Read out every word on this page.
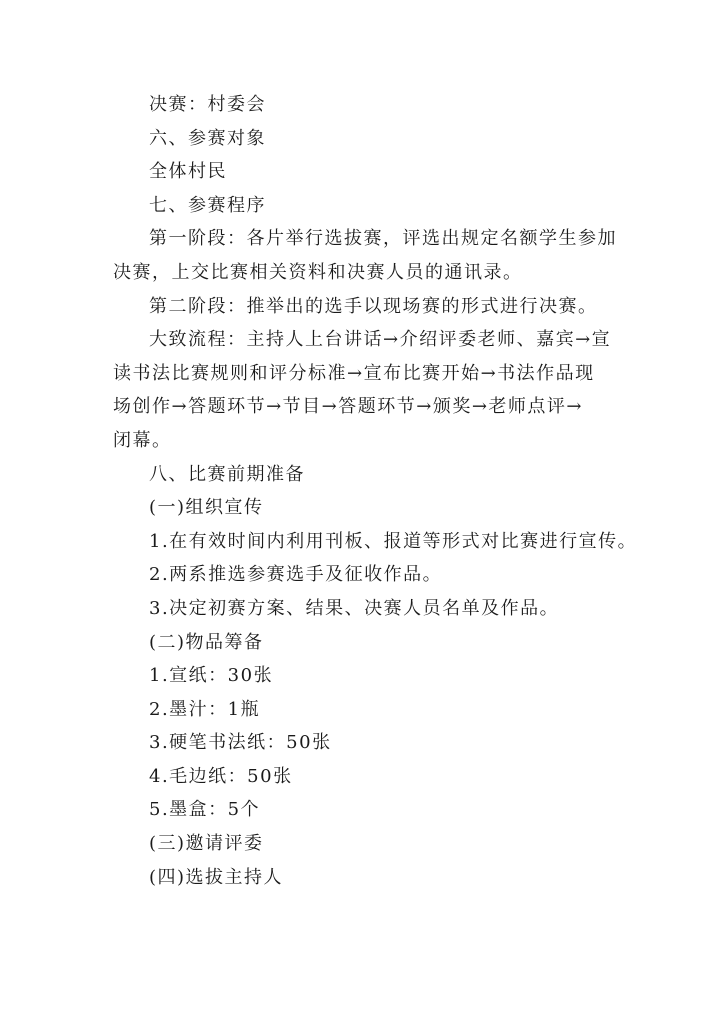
决赛：村委会
六、参赛对象
全体村民
七、参赛程序
第一阶段：各片举行选拔赛，评选出规定名额学生参加
决赛，上交比赛相关资料和决赛人员的通讯录。
第二阶段：推举出的选手以现场赛的形式进行决赛。
大致流程：主持人上台讲话→介绍评委老师、嘉宾→宣
读书法比赛规则和评分标准→宣布比赛开始→书法作品现
场创作→答题环节→节目→答题环节→颁奖→老师点评→
闭幕。
八、比赛前期准备
(一)组织宣传
1.在有效时间内利用刊板、报道等形式对比赛进行宣传。
2.两系推选参赛选手及征收作品。
3.决定初赛方案、结果、决赛人员名单及作品。
(二)物品筹备
1.宣纸：30张
2.墨汁：1瓶
3.硬笔书法纸：50张
4.毛边纸：50张
5.墨盒：5个
(三)邀请评委
(四)选拔主持人
